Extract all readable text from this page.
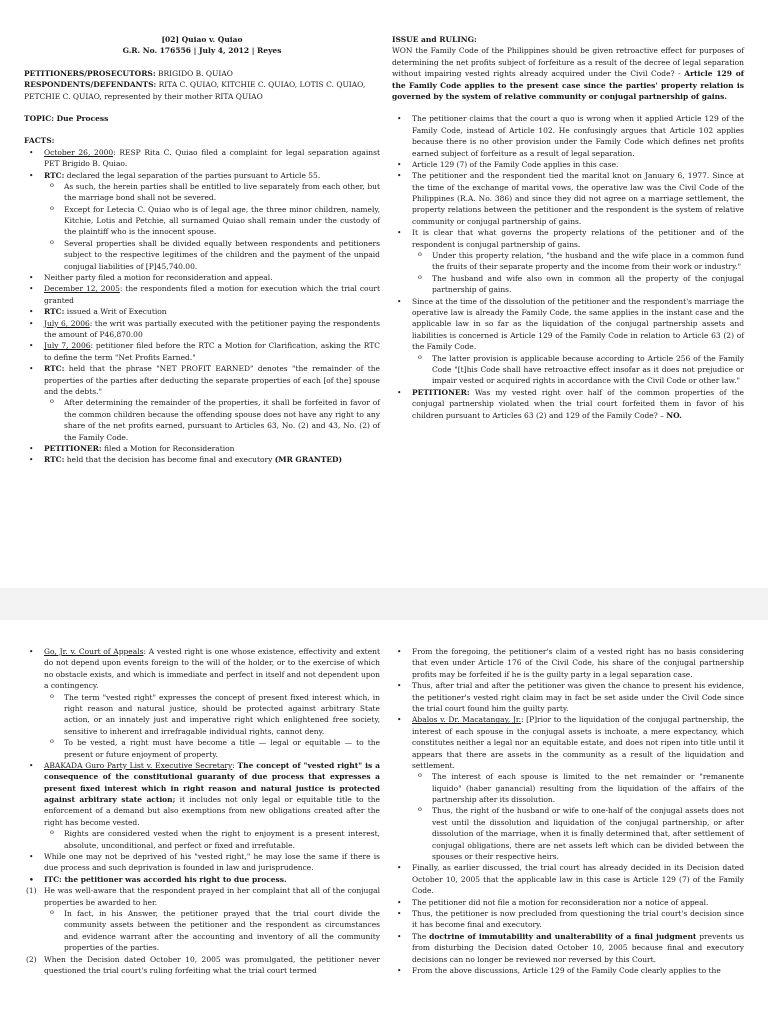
[02] Quiao v. Quiao

G.R. No. 176556 | July 4, 2012 | Reyes

PETITIONERS/PROSECUTORS: BRIGIDO B. QUIAO

RESPONDENTS/DEFENDANTS: RITA C. QUIAO, KITCHIE C. QUIAO, LOTIS C. QUIAO, PETCHIE C. QUIAO, represented by their mother RITA QUIAO

TOPIC: Due Process

FACTS:

• October 26, 2000: RESP Rita C. Quiao filed a complaint for legal separation against PET Brigido B. Quiao.
• RTC: declared the legal separation of the parties pursuant to Article 55.
o As such, the herein parties shall be entitled to live separately from each other, but the marriage bond shall not be severed.
o Except for Letecia C. Quiao who is of legal age, the three minor children, namely, Kitchie, Lotis and Petchie, all surnamed Quiao shall remain under the custody of the plaintiff who is the innocent spouse.
o Several properties shall be divided equally between respondents and petitioners subject to the respective legitimes of the children and the payment of the unpaid conjugal liabilities of [P]45,740.00.
• Neither party filed a motion for reconsideration and appeal.
• December 12, 2005: the respondents filed a motion for execution which the trial court granted
• RTC: issued a Writ of Execution
• July 6, 2006: the writ was partially executed with the petitioner paying the respondents the amount of P46,870.00
• July 7, 2006: petitioner filed before the RTC a Motion for Clarification, asking the RTC to define the term "Net Profits Earned."
• RTC: held that the phrase "NET PROFIT EARNED" denotes "the remainder of the properties of the parties after deducting the separate properties of each [of the] spouse and the debts."
o After determining the remainder of the properties, it shall be forfeited in favor of the common children because the offending spouse does not have any right to any share of the net profits earned, pursuant to Articles 63, No. (2) and 43, No. (2) of the Family Code.
• PETITIONER: filed a Motion for Reconsideration
• RTC: held that the decision has become final and executory (MR GRANTED)

ISSUE and RULING:

WON the Family Code of the Philippines should be given retroactive effect for purposes of determining the net profits subject of forfeiture as a result of the decree of legal separation without impairing vested rights already acquired under the Civil Code? - Article 129 of the Family Code applies to the present case since the parties' property relation is governed by the system of relative community or conjugal partnership of gains.

• The petitioner claims that the court a quo is wrong when it applied Article 129 of the Family Code, instead of Article 102. He confusingly argues that Article 102 applies because there is no other provision under the Family Code which defines net profits earned subject of forfeiture as a result of legal separation.
• Article 129 (7) of the Family Code applies in this case.
• The petitioner and the respondent tied the marital knot on January 6, 1977. Since at the time of the exchange of marital vows, the operative law was the Civil Code of the Philippines (R.A. No. 386) and since they did not agree on a marriage settlement, the property relations between the petitioner and the respondent is the system of relative community or conjugal partnership of gains.
• It is clear that what governs the property relations of the petitioner and of the respondent is conjugal partnership of gains.
o Under this property relation, "the husband and the wife place in a common fund the fruits of their separate property and the income from their work or industry."
o The husband and wife also own in common all the property of the conjugal partnership of gains.
• Since at the time of the dissolution of the petitioner and the respondent's marriage the operative law is already the Family Code, the same applies in the instant case and the applicable law in so far as the liquidation of the conjugal partnership assets and liabilities is concerned is Article 129 of the Family Code in relation to Article 63 (2) of the Family Code.
o The latter provision is applicable because according to Article 256 of the Family Code "[t]his Code shall have retroactive effect insofar as it does not prejudice or impair vested or acquired rights in accordance with the Civil Code or other law."
• PETITIONER: Was my vested right over half of the common properties of the conjugal partnership violated when the trial court forfeited them in favor of his children pursuant to Articles 63 (2) and 129 of the Family Code? – NO.
• Go, Jr. v. Court of Appeals: A vested right is one whose existence, effectivity and extent do not depend upon events foreign to the will of the holder, or to the exercise of which no obstacle exists, and which is immediate and perfect in itself and not dependent upon a contingency.
o The term "vested right" expresses the concept of present fixed interest which, in right reason and natural justice, should be protected against arbitrary State action, or an innately just and imperative right which enlightened free society, sensitive to inherent and irrefragable individual rights, cannot deny.
o To be vested, a right must have become a title — legal or equitable — to the present or future enjoyment of property.
• ABAKADA Guro Party List v. Executive Secretary: The concept of "vested right" is a consequence of the constitutional guaranty of due process that expresses a present fixed interest which in right reason and natural justice is protected against arbitrary state action; it includes not only legal or equitable title to the enforcement of a demand but also exemptions from new obligations created after the right has become vested.
o Rights are considered vested when the right to enjoyment is a present interest, absolute, unconditional, and perfect or fixed and irrefutable.
• While one may not be deprived of his "vested right," he may lose the same if there is due process and such deprivation is founded in law and jurisprudence.
• ITC: the petitioner was accorded his right to due process.
(1) He was well-aware that the respondent prayed in her complaint that all of the conjugal properties be awarded to her.
o In fact, in his Answer, the petitioner prayed that the trial court divide the community assets between the petitioner and the respondent as circumstances and evidence warrant after the accounting and inventory of all the community properties of the parties.
(2) When the Decision dated October 10, 2005 was promulgated, the petitioner never questioned the trial court's ruling forfeiting what the trial court termed
• From the foregoing, the petitioner's claim of a vested right has no basis considering that even under Article 176 of the Civil Code, his share of the conjugal partnership profits may be forfeited if he is the guilty party in a legal separation case.
• Thus, after trial and after the petitioner was given the chance to present his evidence, the petitioner's vested right claim may in fact be set aside under the Civil Code since the trial court found him the guilty party.
• Abalos v. Dr. Macatangay, Jr.: [P]rior to the liquidation of the conjugal partnership, the interest of each spouse in the conjugal assets is inchoate, a mere expectancy, which constitutes neither a legal nor an equitable estate, and does not ripen into title until it appears that there are assets in the community as a result of the liquidation and settlement.
o The interest of each spouse is limited to the net remainder or "remanente liquido" (haber ganancial) resulting from the liquidation of the affairs of the partnership after its dissolution.
o Thus, the right of the husband or wife to one-half of the conjugal assets does not vest until the dissolution and liquidation of the conjugal partnership, or after dissolution of the marriage, when it is finally determined that, after settlement of conjugal obligations, there are net assets left which can be divided between the spouses or their respective heirs.
• Finally, as earlier discussed, the trial court has already decided in its Decision dated October 10, 2005 that the applicable law in this case is Article 129 (7) of the Family Code.
• The petitioner did not file a motion for reconsideration nor a notice of appeal.
• Thus, the petitioner is now precluded from questioning the trial court's decision since it has become final and executory.
• The doctrine of immutability and unalterability of a final judgment prevents us from disturbing the Decision dated October 10, 2005 because final and executory decisions can no longer be reviewed nor reversed by this Court.
• From the above discussions, Article 129 of the Family Code clearly applies to the
